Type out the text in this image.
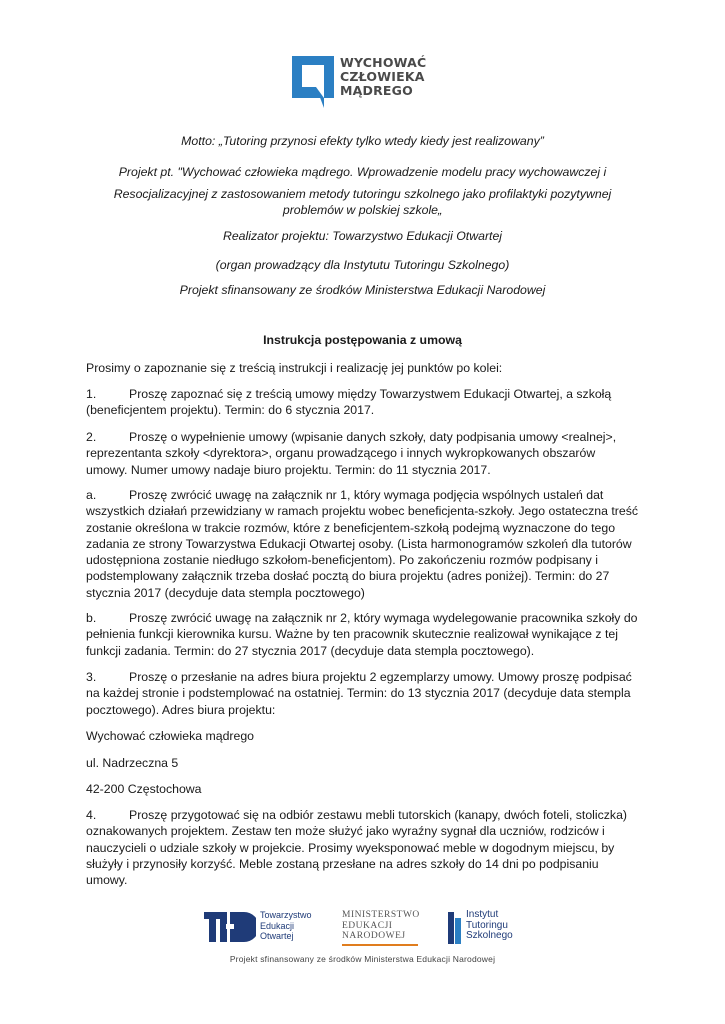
WYCHOWAĆ
CZŁOWIEKA
MĄDREGO
Motto: „Tutoring przynosi efekty tylko wtedy kiedy jest realizowany”
Projekt pt. "Wychować człowieka mądrego. Wprowadzenie modelu pracy wychowawczej i
Resocjalizacyjnej z zastosowaniem metody tutoringu szkolnego jako profilaktyki pozytywnej problemów w polskiej szkole„
Realizator projektu: Towarzystwo Edukacji Otwartej
(organ prowadzący dla Instytutu Tutoringu Szkolnego)
Projekt sfinansowany ze środków Ministerstwa Edukacji Narodowej
Instrukcja postępowania z umową
Prosimy o zapoznanie się z treścią instrukcji i realizację jej punktów po kolei:
1.	Proszę zapoznać się z treścią umowy między Towarzystwem Edukacji Otwartej, a szkołą (beneficjentem projektu). Termin: do 6 stycznia 2017.
2.	Proszę o wypełnienie umowy (wpisanie danych szkoły, daty podpisania umowy <realnej>, reprezentanta szkoły <dyrektora>, organu prowadzącego i innych wykropkowanych obszarów umowy. Numer umowy nadaje biuro projektu. Termin: do 11 stycznia 2017.
a.	Proszę zwrócić uwagę na załącznik nr 1, który wymaga podjęcia wspólnych ustaleń dat wszystkich działań przewidziany w ramach projektu wobec beneficjenta-szkoły. Jego ostateczna treść zostanie określona w trakcie rozmów, które z beneficjentem-szkołą podejmą wyznaczone do tego zadania ze strony Towarzystwa Edukacji Otwartej osoby. (Lista harmonogramów szkoleń dla tutorów udostępniona zostanie niedługo szkołom-beneficjentom). Po zakończeniu rozmów podpisany i podstemplowany załącznik trzeba dosłać pocztą do biura projektu (adres poniżej). Termin: do 27 stycznia 2017 (decyduje data stempla pocztowego)
b.	Proszę zwrócić uwagę na załącznik nr 2, który wymaga wydelegowanie pracownika szkoły do pełnienia funkcji kierownika kursu. Ważne by ten pracownik skutecznie realizował wynikające z tej funkcji zadania. Termin: do 27 stycznia 2017 (decyduje data stempla pocztowego).
3.	Proszę o przesłanie na adres biura projektu 2 egzemplarzy umowy. Umowy proszę podpisać na każdej stronie i podstemplować na ostatniej. Termin: do 13 stycznia 2017 (decyduje data stempla pocztowego). Adres biura projektu:
Wychować człowieka mądrego
ul. Nadrzeczna 5
42-200 Częstochowa
4.	Proszę przygotować się na odbiór zestawu mebli tutorskich (kanapy, dwóch foteli, stoliczka) oznakowanych projektem. Zestaw ten może służyć jako wyraźny sygnał dla uczniów, rodziców i nauczycieli o udziale szkoły w projekcie. Prosimy wyeksponować meble w dogodnym miejscu, by służyły i przynosiły korzyść. Meble zostaną przesłane na adres szkoły do 14 dni po podpisaniu umowy.
Towarzystwo
Edukacji
Otwartej
MINISTERSTWO
EDUKACJI
NARODOWEJ
Instytut
Tutoringu
Szkolnego
Projekt sfinansowany ze środków Ministerstwa Edukacji Narodowej
